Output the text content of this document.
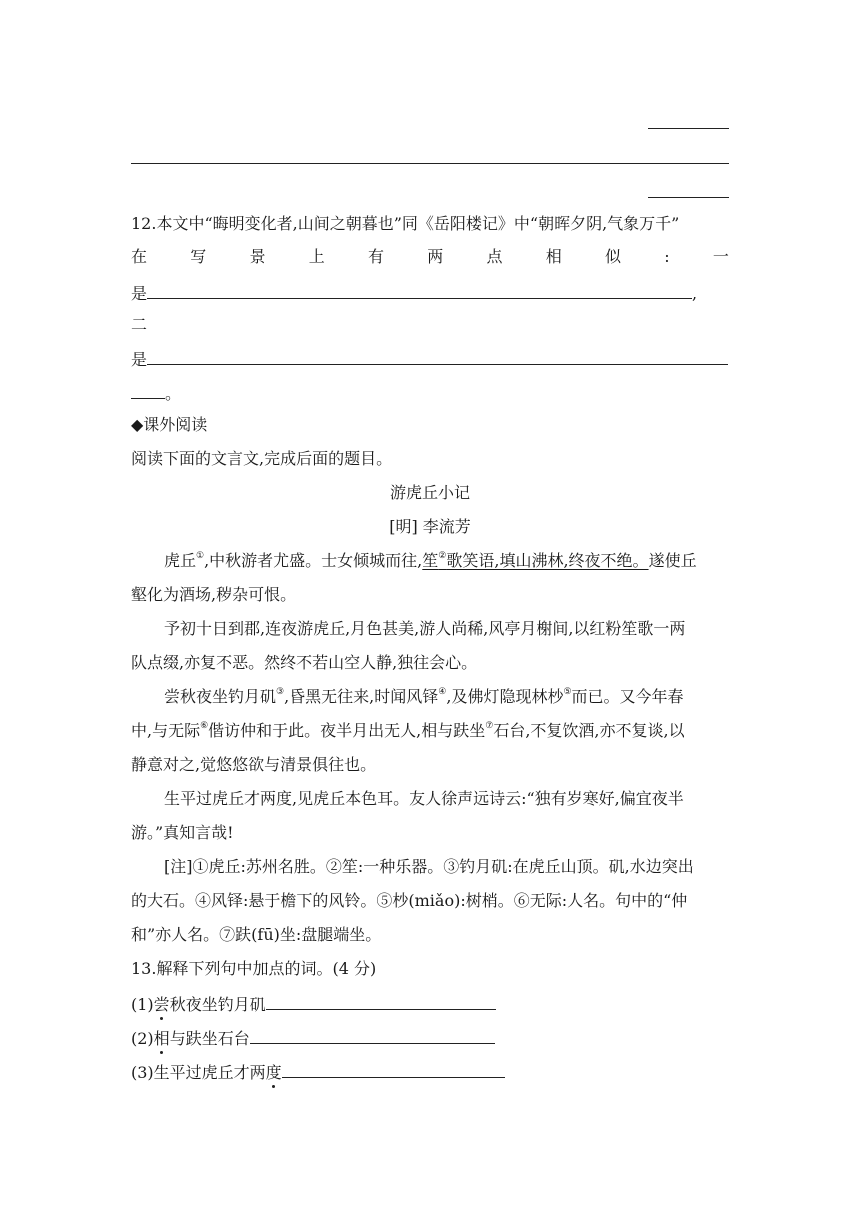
12.本文中“晦明变化者,山间之朝暮也”同《岳阳楼记》中“朝晖夕阴,气象万千”
在	写	景	上	有	两	点	相	似	:	一
是	,
二
是
。
◆课外阅读
阅读下面的文言文,完成后面的题目。
游虎丘小记
[明] 李流芳
虎丘①,中秋游者尤盛。士女倾城而往,笙②歌笑语,填山沸林,终夜不绝。遂使丘
壑化为酒场,秽杂可恨。
予初十日到郡,连夜游虎丘,月色甚美,游人尚稀,风亭月榭间,以红粉笙歌一两
队点缀,亦复不恶。然终不若山空人静,独往会心。
尝秋夜坐钓月矶③,昏黑无往来,时闻风铎④,及佛灯隐现林杪⑤而已。又今年春
中,与无际⑥偕访仲和于此。夜半月出无人,相与趺坐⑦石台,不复饮酒,亦不复谈,以
静意对之,觉悠悠欲与清景俱往也。
生平过虎丘才两度,见虎丘本色耳。友人徐声远诗云:“独有岁寒好,偏宜夜半
游。”真知言哉!
[注]①虎丘:苏州名胜。②笙:一种乐器。③钓月矶:在虎丘山顶。矶,水边突出
的大石。④风铎:悬于檐下的风铃。⑤杪(miǎo):树梢。⑥无际:人名。句中的“仲
和”亦人名。⑦趺(fū)坐:盘腿端坐。
13.解释下列句中加点的词。(4 分)
(1)尝秋夜坐钓月矶
(2)相与趺坐石台
(3)生平过虎丘才两度
